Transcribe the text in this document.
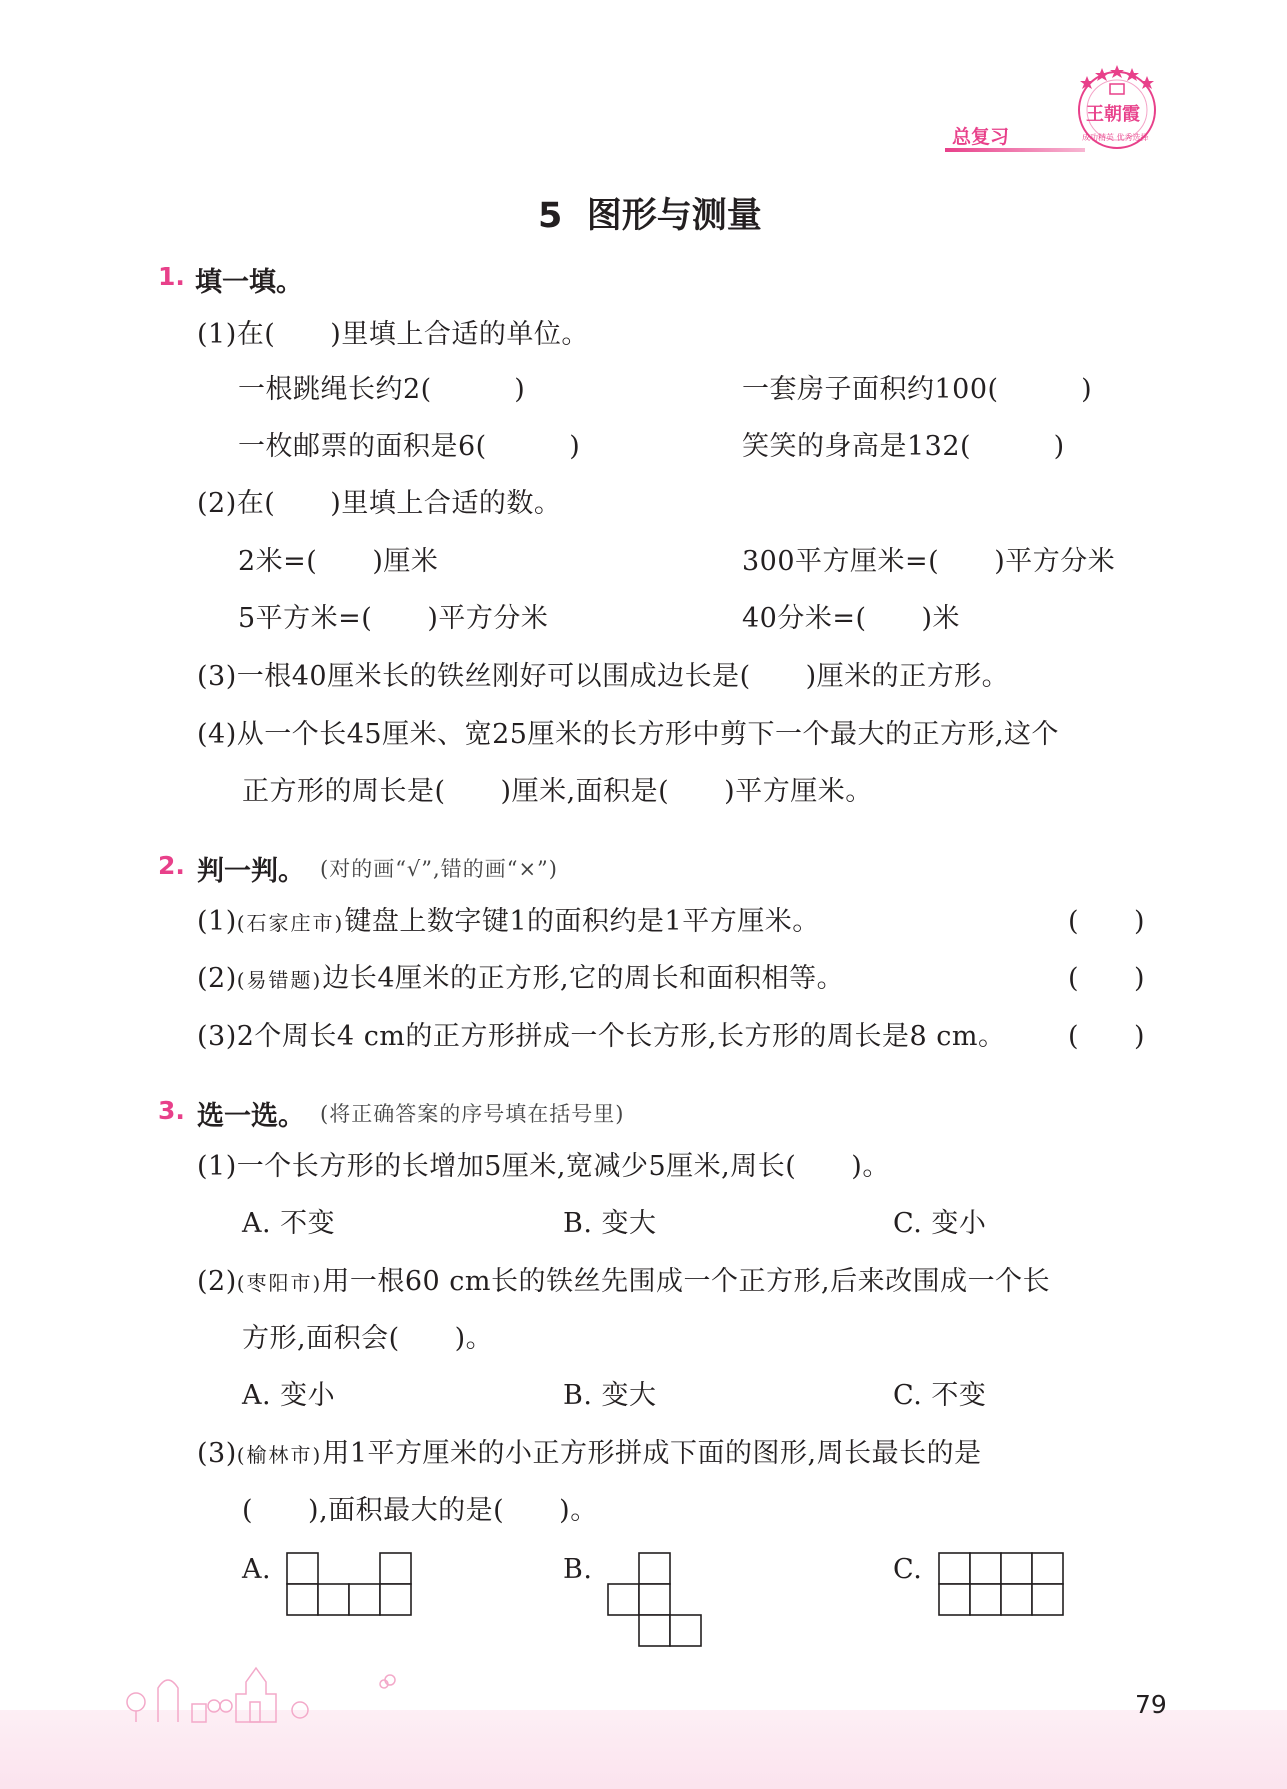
总复习
王朝霞
成功精英 优秀选择
5  图形与测量
1. 填一填。
(1)在(　　)里填上合适的单位。
一根跳绳长约2(　　　)	一套房子面积约100(　　　)
一枚邮票的面积是6(　　　)	笑笑的身高是132(　　　)
(2)在(　　)里填上合适的数。
2米=(　　)厘米	300平方厘米=(　　)平方分米
5平方米=(　　)平方分米	40分米=(　　)米
(3)一根40厘米长的铁丝刚好可以围成边长是(　　)厘米的正方形。
(4)从一个长45厘米、宽25厘米的长方形中剪下一个最大的正方形,这个
正方形的周长是(　　)厘米,面积是(　　)平方厘米。
2. 判一判。 (对的画“√”,错的画“×”)
(1)(石家庄市)键盘上数字键1的面积约是1平方厘米。	(　　)
(2)(易错题)边长4厘米的正方形,它的周长和面积相等。	(　　)
(3)2个周长4 cm的正方形拼成一个长方形,长方形的周长是8 cm。 (　　)
3. 选一选。 (将正确答案的序号填在括号里)
(1)一个长方形的长增加5厘米,宽减少5厘米,周长(　　)。
A. 不变	B. 变大	C. 变小
(2)(枣阳市)用一根60 cm长的铁丝先围成一个正方形,后来改围成一个长
方形,面积会(　　)。
A. 变小	B. 变大	C. 不变
(3)(榆林市)用1平方厘米的小正方形拼成下面的图形,周长最长的是
(　　),面积最大的是(　　)。
A.	B.	C.
79
